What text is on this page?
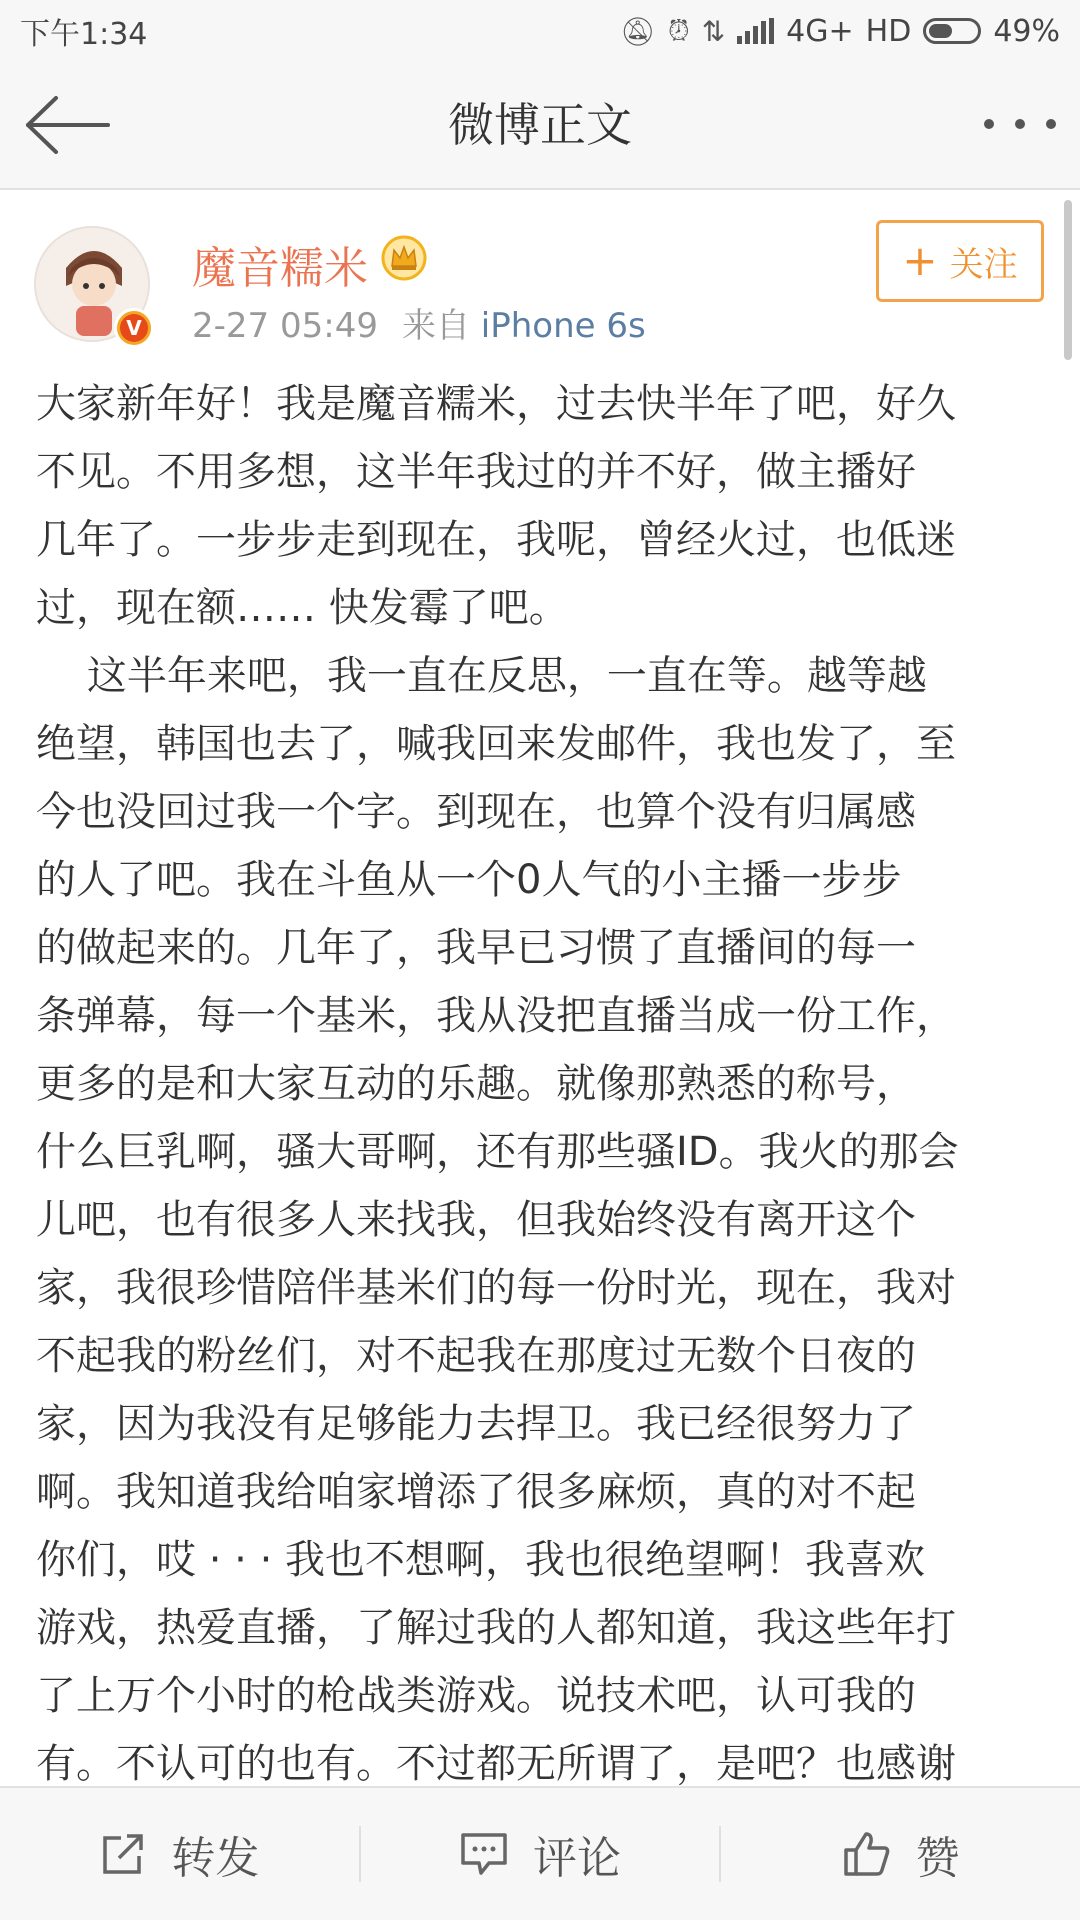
下午1:34	🔕︎ ⏰︎ ⇅ 4G+ HD	49%
微博正文
V
魔音糯米
2-27 05:49 来自 iPhone 6s
+ 关注

大家新年好！我是魔音糯米，过去快半年了吧，好久
不见。不用多想，这半年我过的并不好，做主播好
几年了。一步步走到现在，我呢，曾经火过，也低迷
过，现在额…… 快发霉了吧。
这半年来吧，我一直在反思，一直在等。越等越
绝望，韩国也去了，喊我回来发邮件，我也发了，至
今也没回过我一个字。到现在，也算个没有归属感
的人了吧。我在斗鱼从一个0人气的小主播一步步
的做起来的。几年了，我早已习惯了直播间的每一
条弹幕，每一个基米，我从没把直播当成一份工作，
更多的是和大家互动的乐趣。就像那熟悉的称号，
什么巨乳啊，骚大哥啊，还有那些骚ID。我火的那会
儿吧，也有很多人来找我，但我始终没有离开这个
家，我很珍惜陪伴基米们的每一份时光，现在，我对
不起我的粉丝们，对不起我在那度过无数个日夜的
家，因为我没有足够能力去捍卫。我已经很努力了
啊。我知道我给咱家增添了很多麻烦，真的对不起
你们，哎 · · · 我也不想啊，我也很绝望啊！我喜欢
游戏，热爱直播，了解过我的人都知道，我这些年打
了上万个小时的枪战类游戏。说技术吧，认可我的
有。不认可的也有。不过都无所谓了，是吧？也感谢

转发	评论	赞
